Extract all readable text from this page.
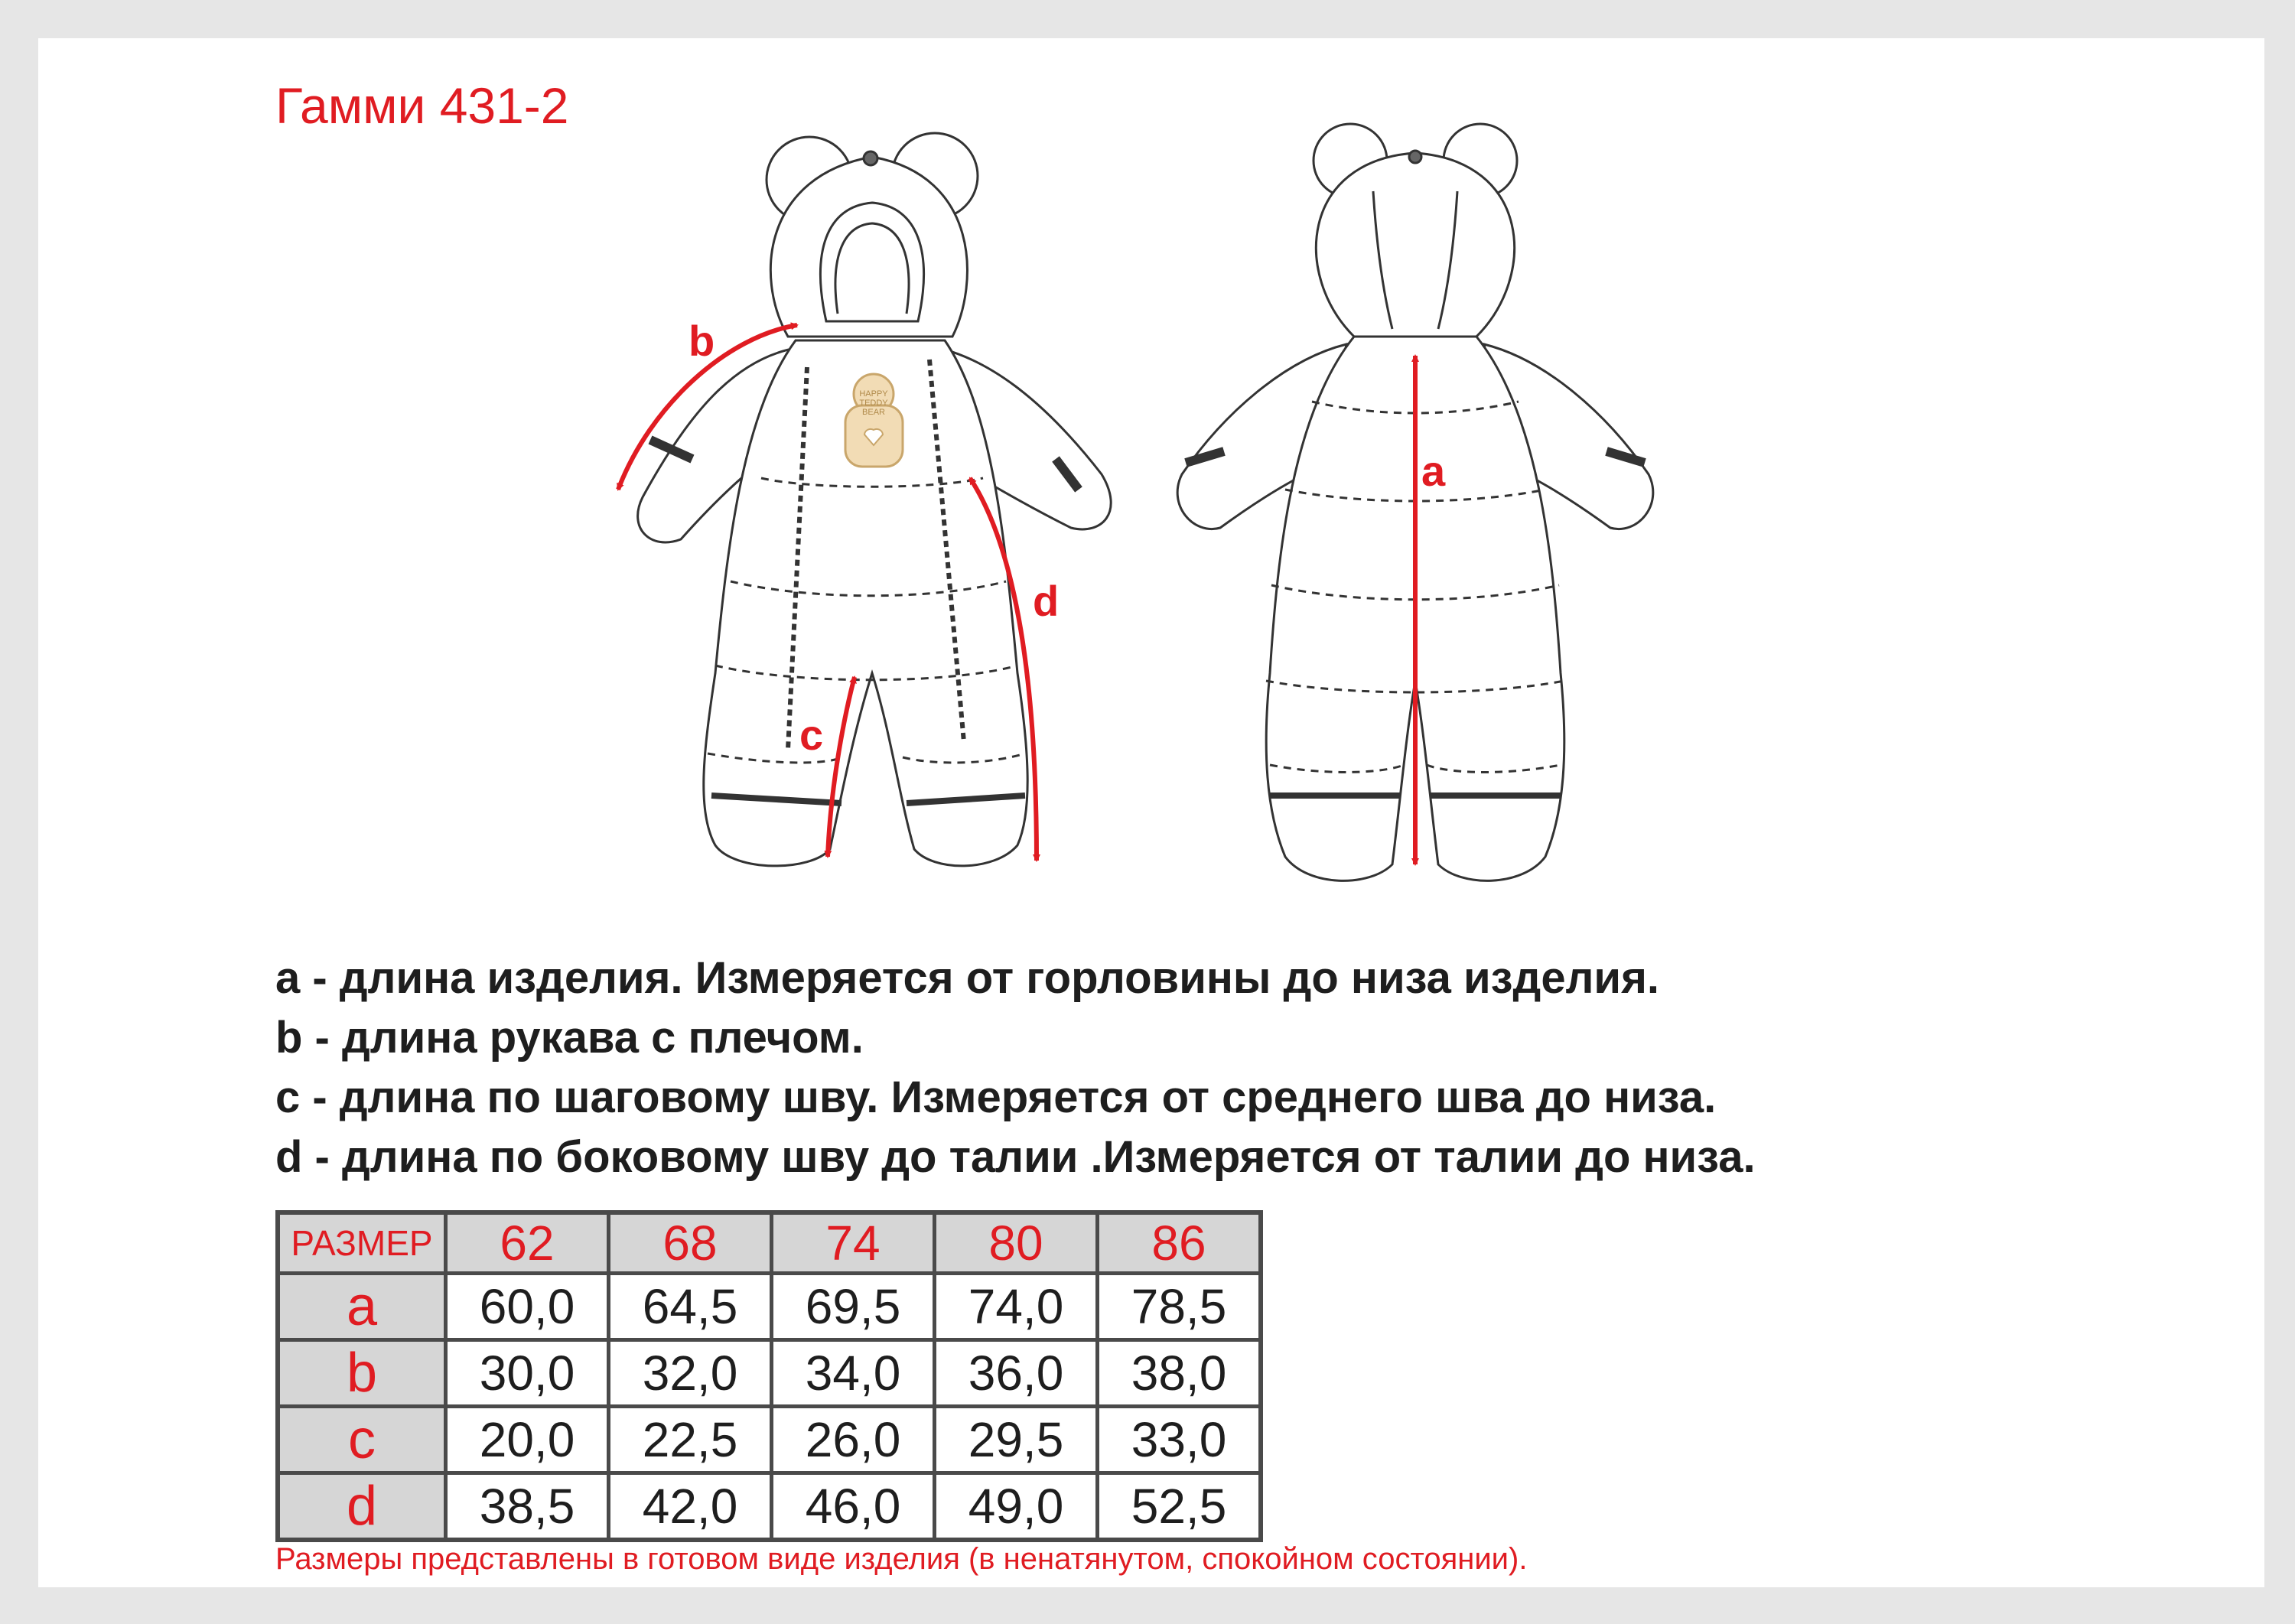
Гамми 431-2
HAPPY
TEDDY
BEAR
b
c
d
a
a - длина изделия. Измеряется от горловины до низа изделия.
b - длина рукава с плечом.
c - длина по шаговому шву. Измеряется от среднего шва до низа.
d - длина по боковому шву до талии .Измеряется от талии до низа.
РАЗМЕР	62	68	74	80	86
a	60,0	64,5	69,5	74,0	78,5
b	30,0	32,0	34,0	36,0	38,0
c	20,0	22,5	26,0	29,5	33,0
d	38,5	42,0	46,0	49,0	52,5
Размеры представлены в готовом виде изделия (в ненатянутом, спокойном состоянии).
